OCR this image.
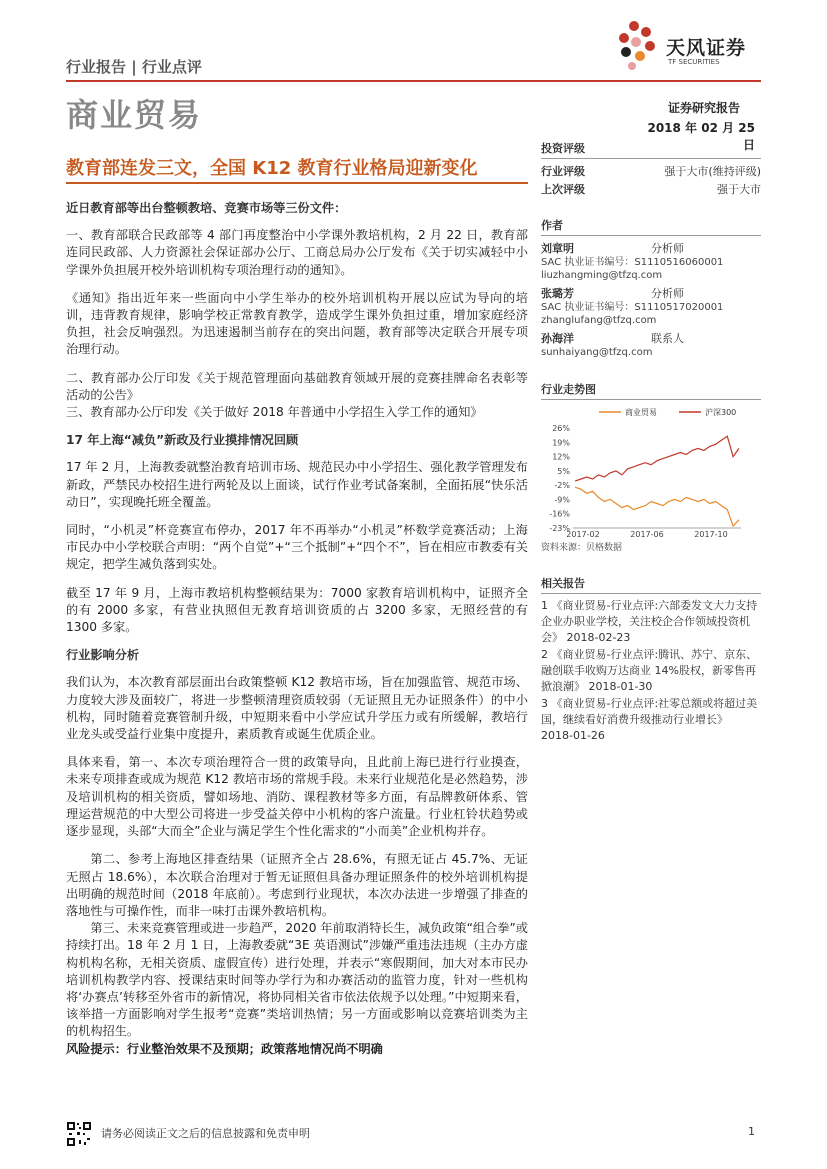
行业报告 | 行业点评
天风证券
TF SECURITIES
商业贸易	证券研究报告
2018 年 02 月 25 日
教育部连发三文，全国 K12 教育行业格局迎新变化

近日教育部等出台整顿教培、竞赛市场等三份文件：

一、教育部联合民政部等 4 部门再度整治中小学课外教培机构，2 月 22 日，教育部连同民政部、人力资源社会保证部办公厅、工商总局办公厅发布《关于切实减轻中小学课外负担展开校外培训机构专项治理行动的通知》。

《通知》指出近年来一些面向中小学生举办的校外培训机构开展以应试为导向的培训，违背教育规律，影响学校正常教育教学，造成学生课外负担过重，增加家庭经济负担，社会反响强烈。为迅速遏制当前存在的突出问题，教育部等决定联合开展专项治理行动。

二、教育部办公厅印发《关于规范管理面向基础教育领域开展的竞赛挂牌命名表彰等活动的公告》

三、教育部办公厅印发《关于做好 2018 年普通中小学招生入学工作的通知》

17 年上海“减负”新政及行业摸排情况回顾

17 年 2 月，上海教委就整治教育培训市场、规范民办中小学招生、强化教学管理发布新政，严禁民办校招生进行两轮及以上面谈，试行作业考试备案制，全面拓展“快乐活动日”，实现晚托班全覆盖。

同时，“小机灵”杯竞赛宣布停办，2017 年不再举办“小机灵”杯数学竞赛活动；上海市民办中小学校联合声明：“两个自觉”+“三个抵制”+“四个不”，旨在相应市教委有关规定，把学生减负落到实处。

截至 17 年 9 月，上海市教培机构整顿结果为：7000 家教育培训机构中，证照齐全的有 2000 多家，有营业执照但无教育培训资质的占 3200 多家，无照经营的有 1300 多家。

行业影响分析

我们认为，本次教育部层面出台政策整顿 K12 教培市场，旨在加强监管、规范市场、力度较大涉及面较广，将进一步整顿清理资质较弱（无证照且无办证照条件）的中小机构，同时随着竞赛管制升级，中短期来看中小学应试升学压力或有所缓解，教培行业龙头或受益行业集中度提升，素质教育或诞生优质企业。

具体来看，第一、本次专项治理符合一贯的政策导向，且此前上海已进行行业摸查，未来专项排查或成为规范 K12 教培市场的常规手段。未来行业规范化是必然趋势，涉及培训机构的相关资质，譬如场地、消防、课程教材等多方面，有品牌教研体系、管理运营规范的中大型公司将进一步受益关停中小机构的客户流量。行业杠铃状趋势或逐步显现，头部“大而全”企业与满足学生个性化需求的“小而美”企业机构并存。

第二、参考上海地区排查结果（证照齐全占 28.6%，有照无证占 45.7%、无证无照占 18.6%），本次联合治理对于暂无证照但具备办理证照条件的校外培训机构提出明确的规范时间（2018 年底前）。考虑到行业现状，本次办法进一步增强了排查的落地性与可操作性，而非一味打击课外教培机构。

第三、未来竞赛管理或进一步趋严，2020 年前取消特长生，减负政策“组合拳”或持续打出。18 年 2 月 1 日，上海教委就“3E 英语测试”涉嫌严重违法违规（主办方虚构机构名称，无相关资质、虚假宣传）进行处理，并表示“寒假期间，加大对本市民办培训机构教学内容、授课结束时间等办学行为和办赛活动的监管力度，针对一些机构将‘办赛点’转移至外省市的新情况，将协同相关省市依法依规予以处理。”中短期来看，该举措一方面影响对学生报考“竞赛”类培训热情；另一方面或影响以竞赛培训类为主的机构招生。

风险提示：行业整治效果不及预期；政策落地情况尚不明确

投资评级
行业评级	强于大市(维持评级)
上次评级	强于大市
作者
刘章明	分析师
SAC 执业证书编号：S1110516060001
liuzhangming@tfzq.com
张璐芳	分析师
SAC 执业证书编号：S1110517020001
zhanglufang@tfzq.com
孙海洋	联系人
sunhaiyang@tfzq.com
行业走势图
26%
19%
12%
5%
-2%
-9%
-16%
-23%
2017-02	2017-06	2017-10
商业贸易	沪深300
资料来源：贝格数据
相关报告
1 《商业贸易-行业点评:六部委发文大力支持企业办职业学校，关注校企合作领域投资机会》 2018-02-23
2 《商业贸易-行业点评:腾讯、苏宁、京东、融创联手收购万达商业 14%股权，新零售再掀浪潮》 2018-01-30
3 《商业贸易-行业点评:社零总额或将超过美国，继续看好消费升级推动行业增长》 2018-01-26
请务必阅读正文之后的信息披露和免责申明	1
